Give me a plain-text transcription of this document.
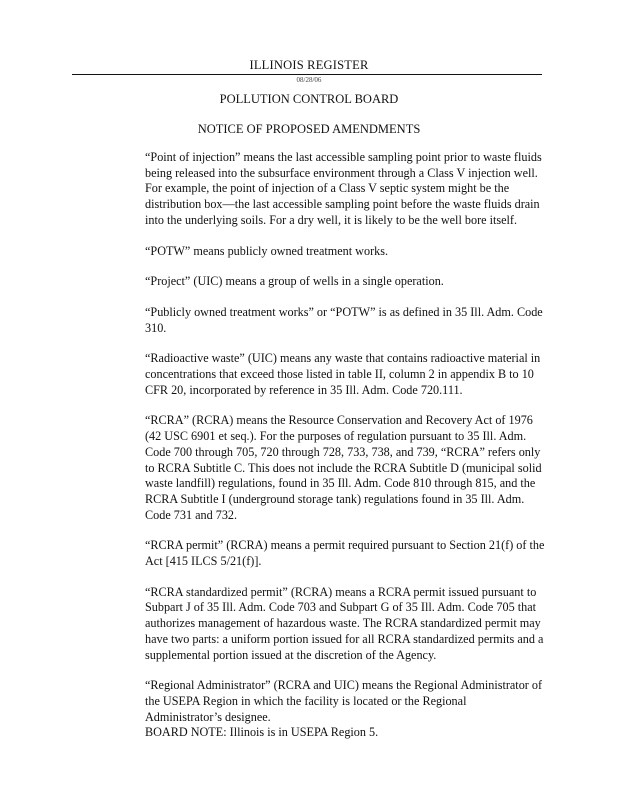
ILLINOIS REGISTER
08/28/06
POLLUTION CONTROL BOARD
NOTICE OF PROPOSED AMENDMENTS

“Point of injection” means the last accessible sampling point prior to waste fluids being released into the subsurface environment through a Class V injection well. For example, the point of injection of a Class V septic system might be the distribution box—the last accessible sampling point before the waste fluids drain into the underlying soils. For a dry well, it is likely to be the well bore itself.

“POTW” means publicly owned treatment works.

“Project” (UIC) means a group of wells in a single operation.

“Publicly owned treatment works” or “POTW” is as defined in 35 Ill. Adm. Code 310.

“Radioactive waste” (UIC) means any waste that contains radioactive material in concentrations that exceed those listed in table II, column 2 in appendix B to 10 CFR 20, incorporated by reference in 35 Ill. Adm. Code 720.111.

“RCRA” (RCRA) means the Resource Conservation and Recovery Act of 1976 (42 USC 6901 et seq.). For the purposes of regulation pursuant to 35 Ill. Adm. Code 700 through 705, 720 through 728, 733, 738, and 739, “RCRA” refers only to RCRA Subtitle C. This does not include the RCRA Subtitle D (municipal solid waste landfill) regulations, found in 35 Ill. Adm. Code 810 through 815, and the RCRA Subtitle I (underground storage tank) regulations found in 35 Ill. Adm. Code 731 and 732.

“RCRA permit” (RCRA) means a permit required pursuant to Section 21(f) of the Act [415 ILCS 5/21(f)].

“RCRA standardized permit” (RCRA) means a RCRA permit issued pursuant to Subpart J of 35 Ill. Adm. Code 703 and Subpart G of 35 Ill. Adm. Code 705 that authorizes management of hazardous waste. The RCRA standardized permit may have two parts: a uniform portion issued for all RCRA standardized permits and a supplemental portion issued at the discretion of the Agency.

“Regional Administrator” (RCRA and UIC) means the Regional Administrator of the USEPA Region in which the facility is located or the Regional Administrator’s designee.

BOARD NOTE: Illinois is in USEPA Region 5.
